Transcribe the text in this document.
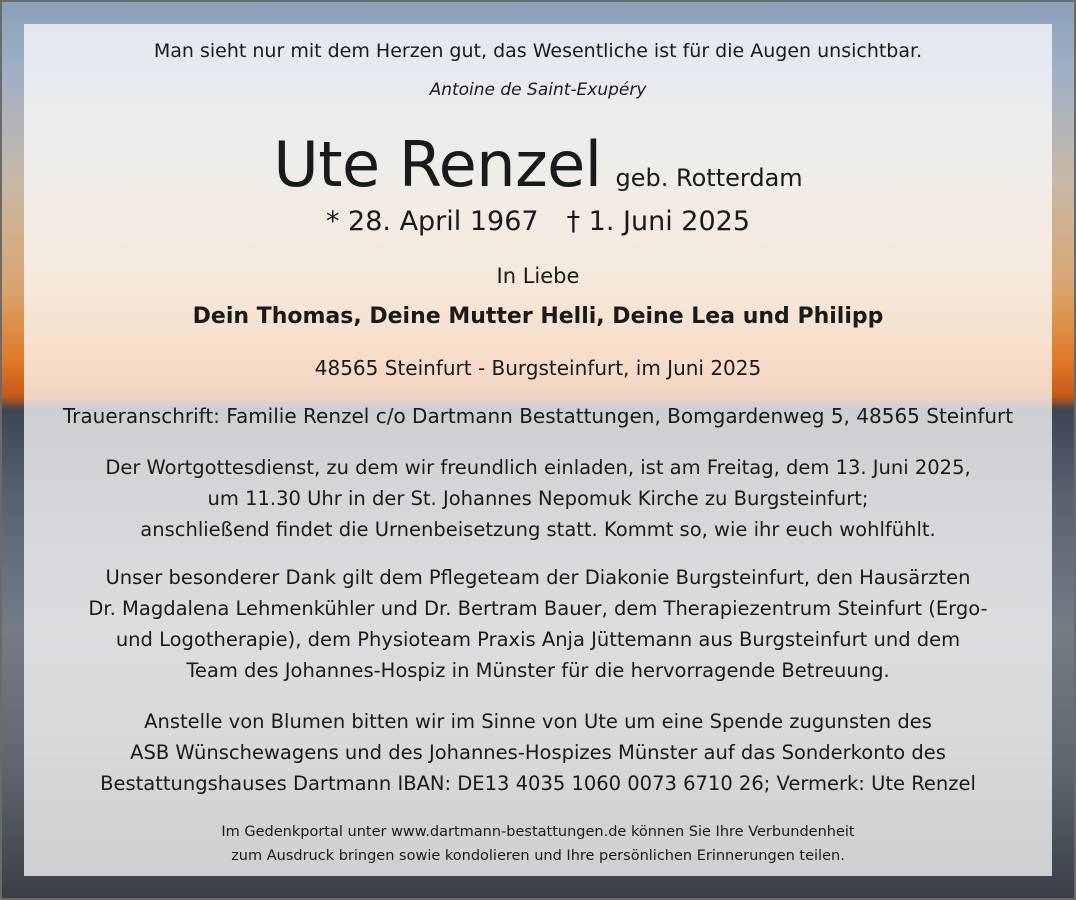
Man sieht nur mit dem Herzen gut, das Wesentliche ist für die Augen unsichtbar.
Antoine de Saint-Exupéry
Ute Renzel geb. Rotterdam
* 28. April 1967 † 1. Juni 2025
In Liebe
Dein Thomas, Deine Mutter Helli, Deine Lea und Philipp
48565 Steinfurt - Burgsteinfurt, im Juni 2025
Traueranschrift: Familie Renzel c/o Dartmann Bestattungen, Bomgardenweg 5, 48565 Steinfurt
Der Wortgottesdienst, zu dem wir freundlich einladen, ist am Freitag, dem 13. Juni 2025,
um 11.30 Uhr in der St. Johannes Nepomuk Kirche zu Burgsteinfurt;
anschließend findet die Urnenbeisetzung statt. Kommt so, wie ihr euch wohlfühlt.
Unser besonderer Dank gilt dem Pflegeteam der Diakonie Burgsteinfurt, den Hausärzten
Dr. Magdalena Lehmenkühler und Dr. Bertram Bauer, dem Therapiezentrum Steinfurt (Ergo-
und Logotherapie), dem Physioteam Praxis Anja Jüttemann aus Burgsteinfurt und dem
Team des Johannes-Hospiz in Münster für die hervorragende Betreuung.
Anstelle von Blumen bitten wir im Sinne von Ute um eine Spende zugunsten des
ASB Wünschewagens und des Johannes-Hospizes Münster auf das Sonderkonto des
Bestattungshauses Dartmann IBAN: DE13 4035 1060 0073 6710 26; Vermerk: Ute Renzel
Im Gedenkportal unter www.dartmann-bestattungen.de können Sie Ihre Verbundenheit
zum Ausdruck bringen sowie kondolieren und Ihre persönlichen Erinnerungen teilen.
